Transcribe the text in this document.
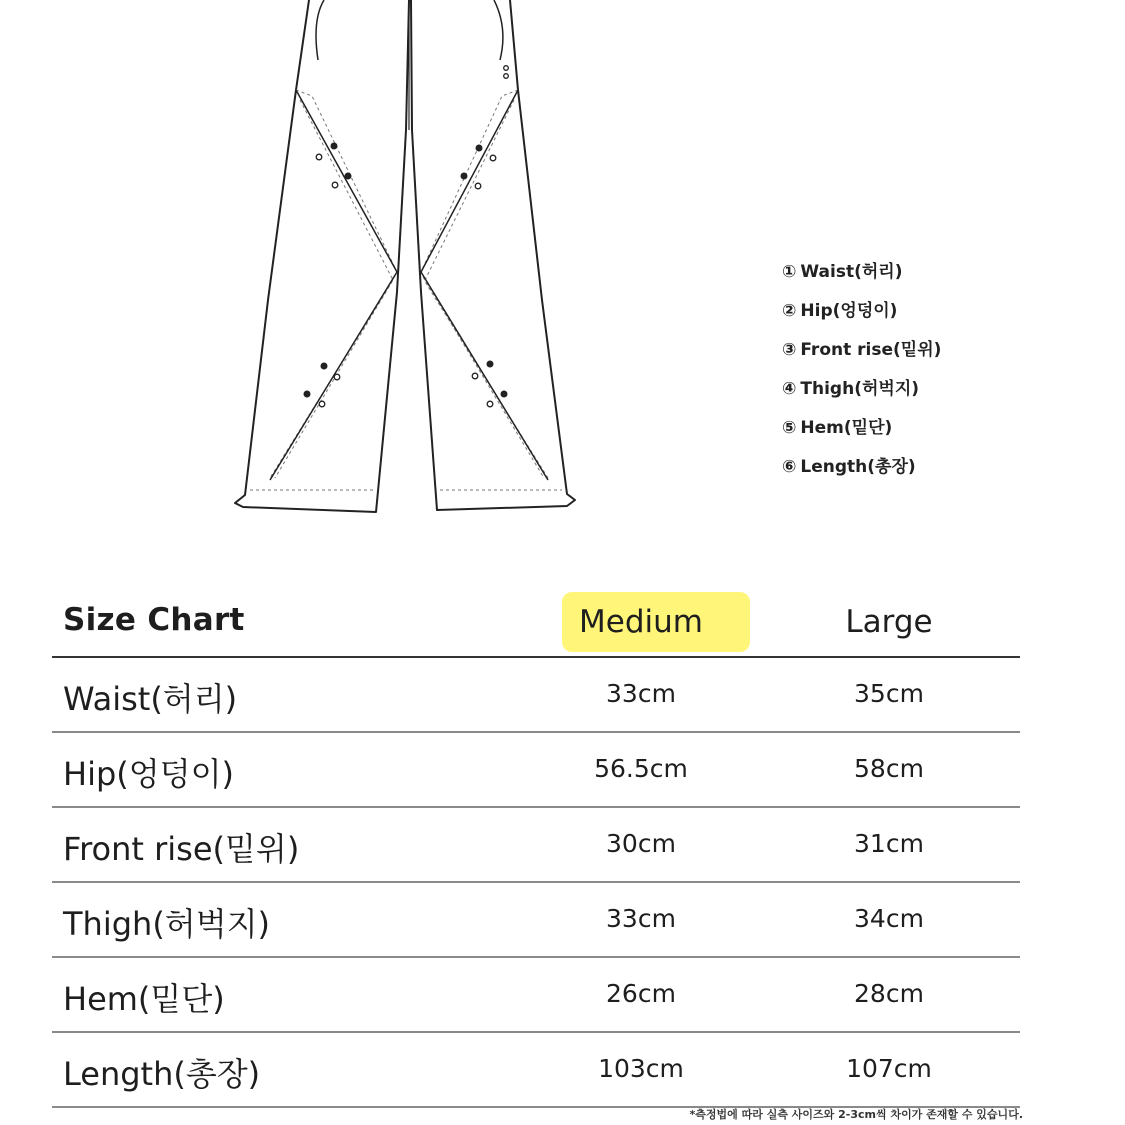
① Waist(허리)
② Hip(엉덩이)
③ Front rise(밑위)
④ Thigh(허벅지)
⑤ Hem(밑단)
⑥ Length(총장)
Size Chart	Medium	Large
Waist(허리)	33cm	35cm
Hip(엉덩이)	56.5cm	58cm
Front rise(밑위)	30cm	31cm
Thigh(허벅지)	33cm	34cm
Hem(밑단)	26cm	28cm
Length(총장)	103cm	107cm
*측정법에 따라 실측 사이즈와 2-3cm씩 차이가 존재할 수 있습니다.
